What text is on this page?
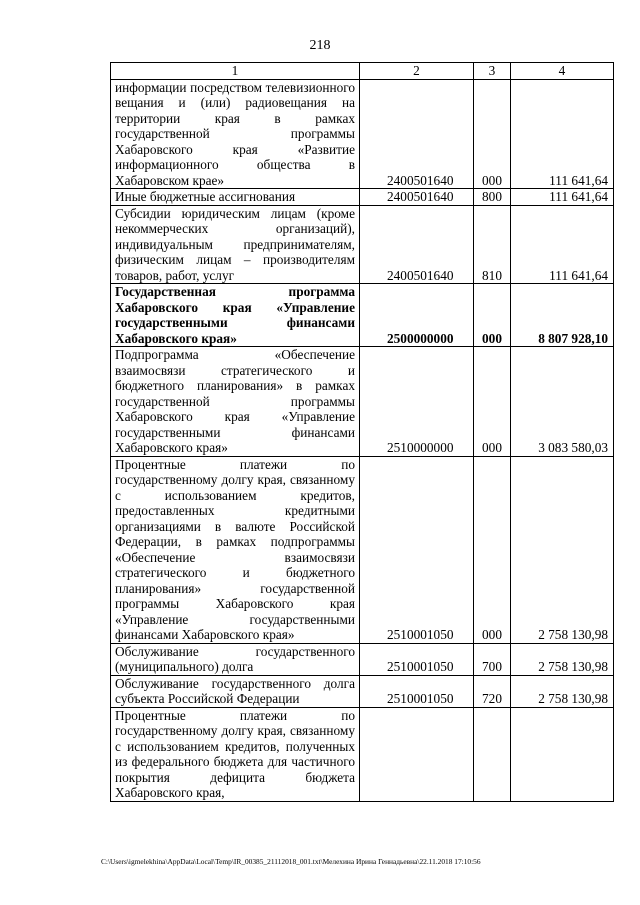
218
1	2	3	4
информации посредством телевизионного вещания и (или) радиовещания на территории края в рамках государственной программы Хабаровского края «Развитие информационного общества в Хабаровском крае»	2400501640	000	111 641,64
Иные бюджетные ассигнования	2400501640	800	111 641,64
Субсидии юридическим лицам (кроме некоммерческих организаций), индивидуальным предпринимателям, физическим лицам – производителям товаров, работ, услуг	2400501640	810	111 641,64
Государственная программа Хабаровского края «Управление государственными финансами Хабаровского края»	2500000000	000	8 807 928,10
Подпрограмма «Обеспечение взаимосвязи стратегического и бюджетного планирования» в рамках государственной программы Хабаровского края «Управление государственными финансами Хабаровского края»	2510000000	000	3 083 580,03
Процентные платежи по государственному долгу края, связанному с использованием кредитов, предоставленных кредитными организациями в валюте Российской Федерации, в рамках подпрограммы «Обеспечение взаимосвязи стратегического и бюджетного планирования» государственной программы Хабаровского края «Управление государственными финансами Хабаровского края»	2510001050	000	2 758 130,98
Обслуживание государственного (муниципального) долга	2510001050	700	2 758 130,98
Обслуживание государственного долга субъекта Российской Федерации	2510001050	720	2 758 130,98
Процентные платежи по государственному долгу края, связанному с использованием кредитов, полученных из федерального бюджета для частичного покрытия дефицита бюджета Хабаровского края,			
C:\Users\igmelekhina\AppData\Local\Temp\IR_00385_21112018_001.txt\Мелехина Ирина Геннадьевна\22.11.2018 17:10:56
